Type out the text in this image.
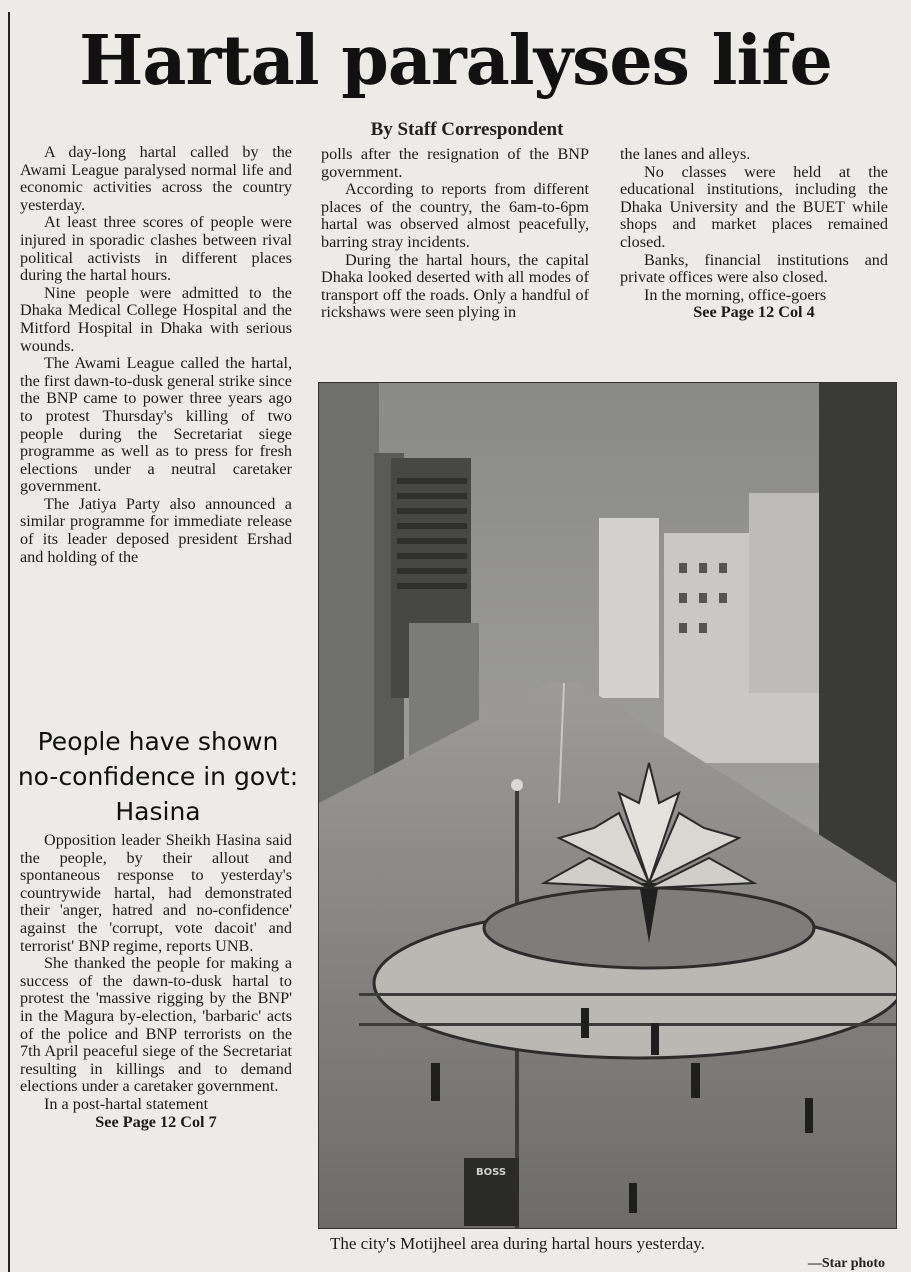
Hartal paralyses life
By Staff Correspondent

A day-long hartal called by the Awami League paralysed normal life and economic activities across the country yesterday.

At least three scores of people were injured in sporadic clashes between rival political activists in different places during the hartal hours.

Nine people were admitted to the Dhaka Medical College Hospital and the Mitford Hospital in Dhaka with serious wounds.

The Awami League called the hartal, the first dawn-to-dusk general strike since the BNP came to power three years ago to protest Thursday's killing of two people during the Secretariat siege programme as well as to press for fresh elections under a neutral caretaker government.

The Jatiya Party also announced a similar programme for immediate release of its leader deposed president Ershad and holding of the

polls after the resignation of the BNP government.

According to reports from different places of the country, the 6am-to-6pm hartal was observed almost peacefully, barring stray incidents.

During the hartal hours, the capital Dhaka looked deserted with all modes of transport off the roads. Only a handful of rickshaws were seen plying in

the lanes and alleys.

No classes were held at the educational institutions, including the Dhaka University and the BUET while shops and market places remained closed.

Banks, financial institutions and private offices were also closed.

In the morning, office-goers

See Page 12 Col 4

People have shown no-confidence in govt: Hasina

Opposition leader Sheikh Hasina said the people, by their allout and spontaneous response to yesterday's countrywide hartal, had demonstrated their 'anger, hatred and no-confidence' against the 'corrupt, vote dacoit' and terrorist' BNP regime, reports UNB.

She thanked the people for making a success of the dawn-to-dusk hartal to protest the 'massive rigging by the BNP' in the Magura by-election, 'barbaric' acts of the police and BNP terrorists on the 7th April peaceful siege of the Secretariat resulting in killings and to demand elections under a caretaker government.

In a post-hartal statement

See Page 12 Col 7

BOSS
The city's Motijheel area during hartal hours yesterday.
—Star photo
